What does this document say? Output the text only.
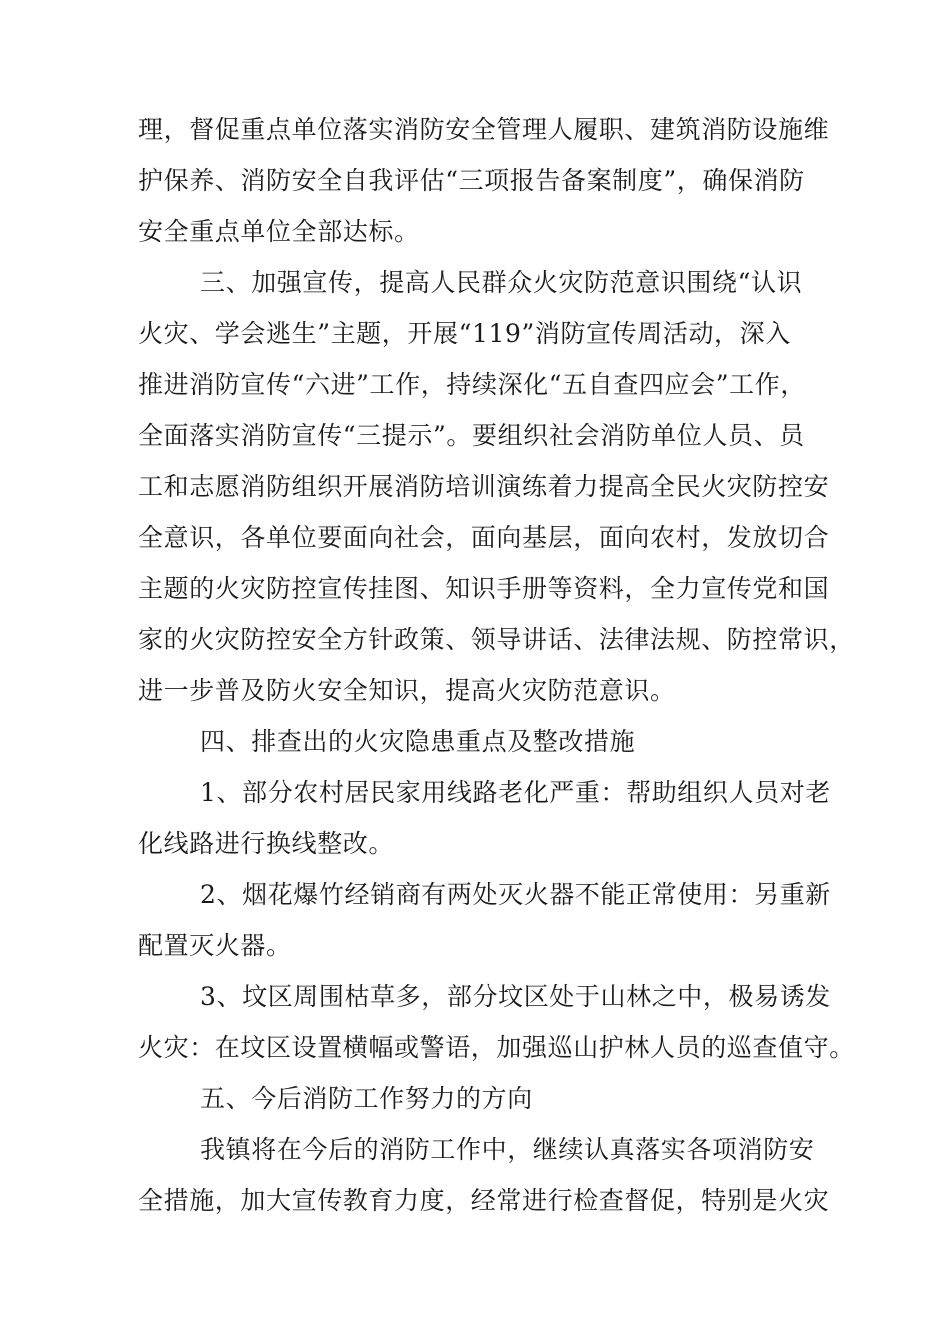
理，督促重点单位落实消防安全管理人履职、建筑消防设施维
护保养、消防安全自我评估“三项报告备案制度”，确保消防
安全重点单位全部达标。
三、加强宣传，提高人民群众火灾防范意识围绕“认识
火灾、学会逃生”主题，开展“119”消防宣传周活动，深入
推进消防宣传“六进”工作，持续深化“五自查四应会”工作，
全面落实消防宣传“三提示”。要组织社会消防单位人员、员
工和志愿消防组织开展消防培训演练着力提高全民火灾防控安
全意识，各单位要面向社会，面向基层，面向农村，发放切合
主题的火灾防控宣传挂图、知识手册等资料，全力宣传党和国
家的火灾防控安全方针政策、领导讲话、法律法规、防控常识，
进一步普及防火安全知识，提高火灾防范意识。
四、排查出的火灾隐患重点及整改措施
1、部分农村居民家用线路老化严重：帮助组织人员对老
化线路进行换线整改。
2、烟花爆竹经销商有两处灭火器不能正常使用：另重新
配置灭火器。
3、坟区周围枯草多，部分坟区处于山林之中，极易诱发
火灾：在坟区设置横幅或警语，加强巡山护林人员的巡查值守。
五、今后消防工作努力的方向
我镇将在今后的消防工作中，继续认真落实各项消防安
全措施，加大宣传教育力度，经常进行检查督促，特别是火灾
